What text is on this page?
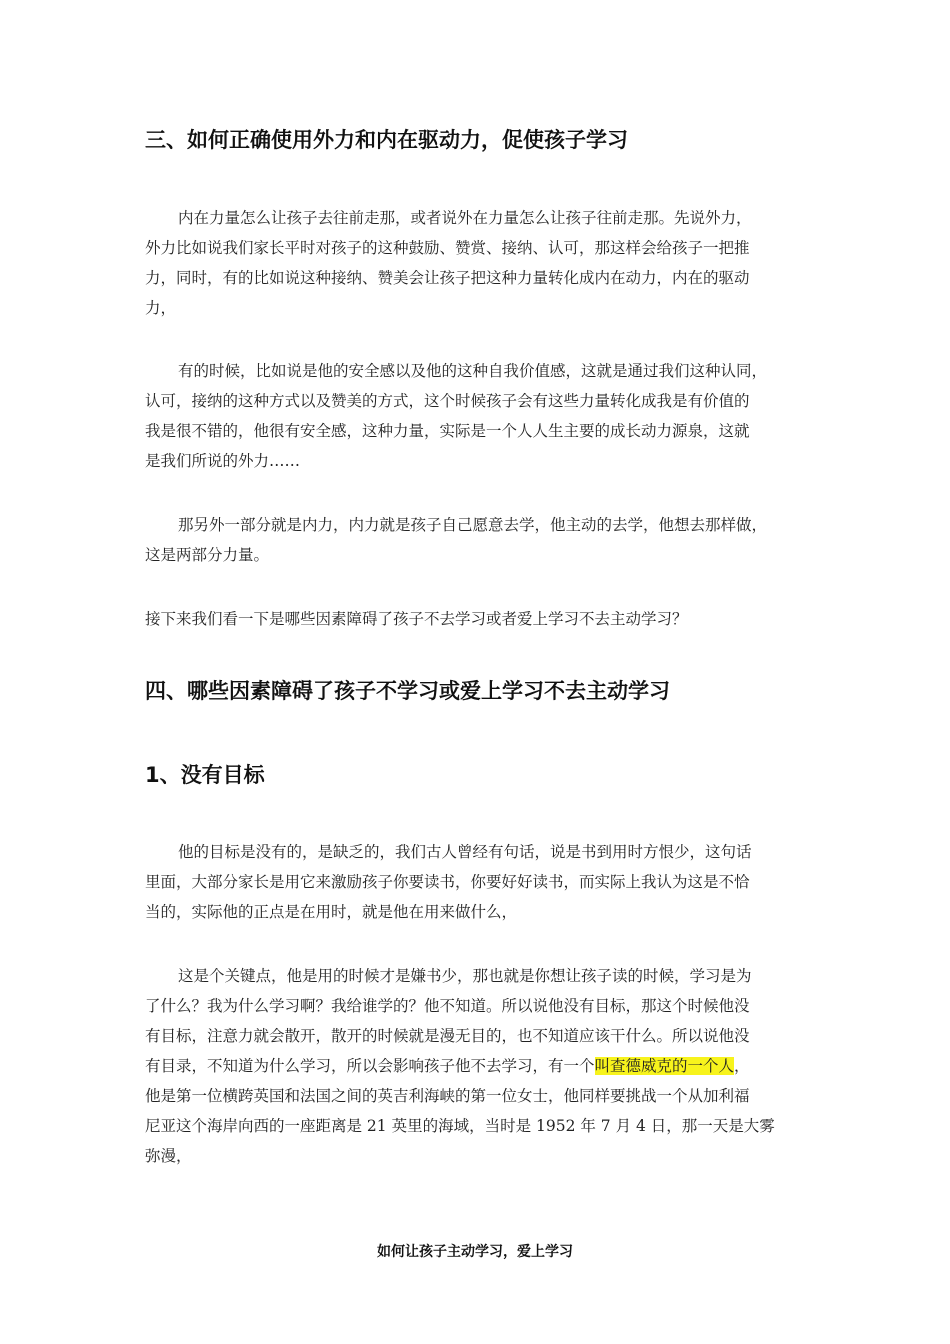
三、如何正确使用外力和内在驱动力，促使孩子学习
内在力量怎么让孩子去往前走那，或者说外在力量怎么让孩子往前走那。先说外力，
外力比如说我们家长平时对孩子的这种鼓励、赞赏、接纳、认可，那这样会给孩子一把推
力，同时，有的比如说这种接纳、赞美会让孩子把这种力量转化成内在动力，内在的驱动
力，
有的时候，比如说是他的安全感以及他的这种自我价值感，这就是通过我们这种认同，
认可，接纳的这种方式以及赞美的方式，这个时候孩子会有这些力量转化成我是有价值的
我是很不错的，他很有安全感，这种力量，实际是一个人人生主要的成长动力源泉，这就
是我们所说的外力……
那另外一部分就是内力，内力就是孩子自己愿意去学，他主动的去学，他想去那样做，
这是两部分力量。
接下来我们看一下是哪些因素障碍了孩子不去学习或者爱上学习不去主动学习？
四、哪些因素障碍了孩子不学习或爱上学习不去主动学习
1、没有目标
他的目标是没有的，是缺乏的，我们古人曾经有句话，说是书到用时方恨少，这句话
里面，大部分家长是用它来激励孩子你要读书，你要好好读书，而实际上我认为这是不恰
当的，实际他的正点是在用时，就是他在用来做什么，
这是个关键点，他是用的时候才是嫌书少，那也就是你想让孩子读的时候，学习是为
了什么？我为什么学习啊？我给谁学的？他不知道。所以说他没有目标，那这个时候他没
有目标，注意力就会散开，散开的时候就是漫无目的，也不知道应该干什么。所以说他没
有目录，不知道为什么学习，所以会影响孩子他不去学习，有一个叫查德威克的一个人，
他是第一位横跨英国和法国之间的英吉利海峡的第一位女士，他同样要挑战一个从加利福
尼亚这个海岸向西的一座距离是 21 英里的海域，当时是 1952 年 7 月 4 日，那一天是大雾
弥漫，
如何让孩子主动学习，爱上学习
